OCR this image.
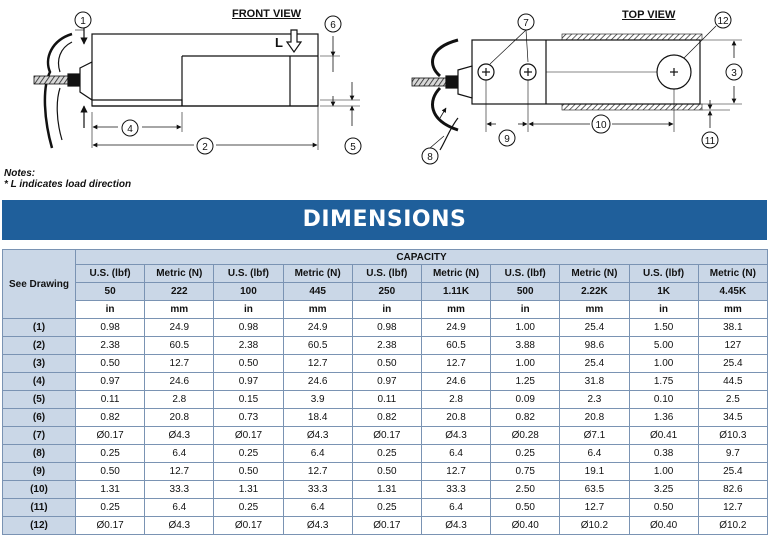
FRONT VIEW	TOP VIEW
L
1
2
4
5
6	7	12
3
11
10
9
8
Notes:
* L indicates load direction
DIMENSIONS
See Drawing	CAPACITY									
	U.S. (lbf)	Metric (N)	U.S. (lbf)	Metric (N)	U.S. (lbf)	Metric (N)	U.S. (lbf)	Metric (N)	U.S. (lbf)	Metric (N)
	50	222	100	445	250	1.11K	500	2.22K	1K	4.45K
	in	mm	in	mm	in	mm	in	mm	in	mm
(1)	0.98	24.9	0.98	24.9	0.98	24.9	1.00	25.4	1.50	38.1
(2)	2.38	60.5	2.38	60.5	2.38	60.5	3.88	98.6	5.00	127
(3)	0.50	12.7	0.50	12.7	0.50	12.7	1.00	25.4	1.00	25.4
(4)	0.97	24.6	0.97	24.6	0.97	24.6	1.25	31.8	1.75	44.5
(5)	0.11	2.8	0.15	3.9	0.11	2.8	0.09	2.3	0.10	2.5
(6)	0.82	20.8	0.73	18.4	0.82	20.8	0.82	20.8	1.36	34.5
(7)	Ø0.17	Ø4.3	Ø0.17	Ø4.3	Ø0.17	Ø4.3	Ø0.28	Ø7.1	Ø0.41	Ø10.3
(8)	0.25	6.4	0.25	6.4	0.25	6.4	0.25	6.4	0.38	9.7
(9)	0.50	12.7	0.50	12.7	0.50	12.7	0.75	19.1	1.00	25.4
(10)	1.31	33.3	1.31	33.3	1.31	33.3	2.50	63.5	3.25	82.6
(11)	0.25	6.4	0.25	6.4	0.25	6.4	0.50	12.7	0.50	12.7
(12)	Ø0.17	Ø4.3	Ø0.17	Ø4.3	Ø0.17	Ø4.3	Ø0.40	Ø10.2	Ø0.40	Ø10.2
